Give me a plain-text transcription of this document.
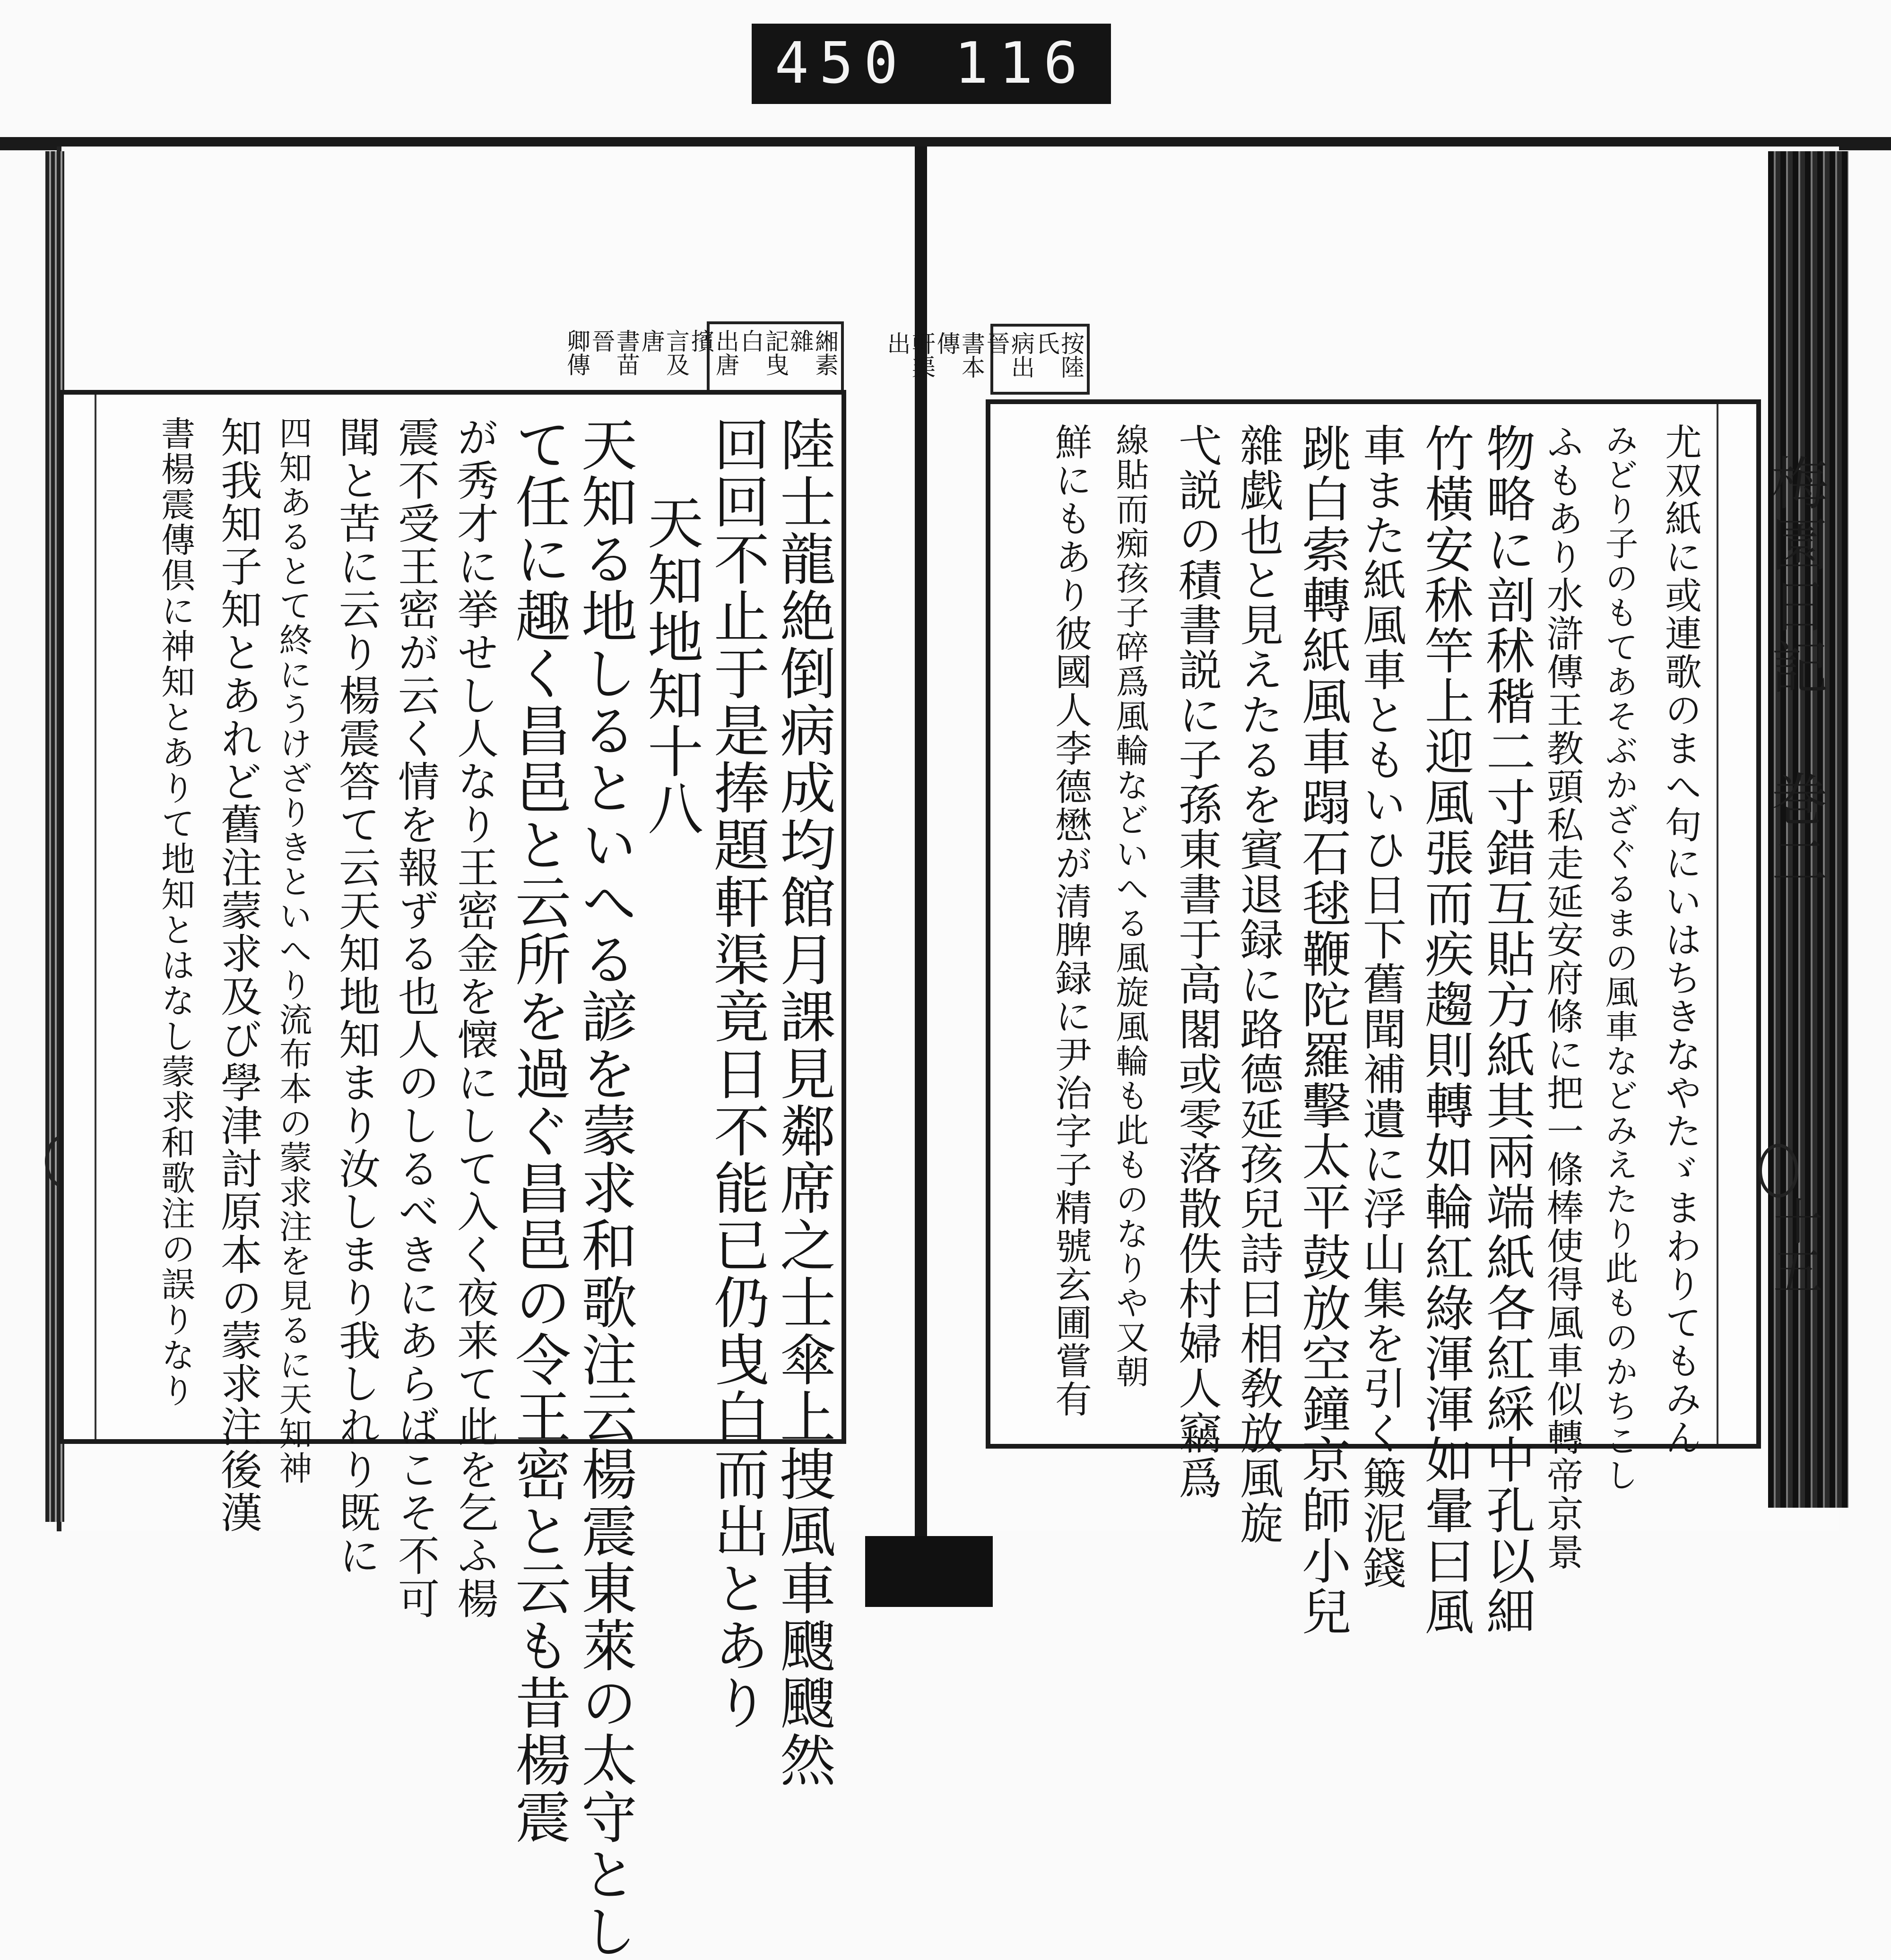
450 116
緗素雜 記曳白 出唐擯 言及唐 書苗晉 卿傳
陸士龍絶倒病成均館月課見鄰席之士傘上捜風車颼颼然
回回不止于是捧題軒渠竟日不能已仍曳白而出とあり
天知地知十八
天知る地しるといへる諺を蒙求和歌注云楊震東萊の太守とし
て任に趣く昌邑と云所を過ぐ昌邑の令王密と云も昔楊震
が秀才に挙せし人なり王密金を懐にして入く夜来て此を乞ふ楊
震不受王密が云く情を報ずる也人のしるべきにあらばこそ不可
聞と苦に云り楊震答て云天知地知まり汝しまり我しれり既に
四知あるとて終にうけざりきといへり流布本の蒙求注を見るに天知神
知我知子知とあれど舊注蒙求及び學津討原本の蒙求注後漢
書楊震傳倶に神知とありて地知とはなし蒙求和歌注の誤りなり
按陸氏 病出晉 書本傳 軒渠出
尤双紙に或連歌のまへ句にいはちきなやたゞまわりてもみん
みどり子のもてあそぶかざぐるまの風車などみえたり此ものかちこし
ふもあり水滸傳王教頭私走延安府條に把一條棒使得風車似轉帝京景
物略に剖秫稭二寸錯互貼方紙其兩端紙各紅綵中孔以細
竹橫安秫竿上迎風張而疾趨則轉如輪紅綠渾渾如暈曰風
車また紙風車ともいひ日下舊聞補遺に浮山集を引く簸泥錢
跳白索轉紙風車蹋石毬鞭陀羅擊太平鼓放空鐘京師小兒
雜戯也と見えたるを賓退録に路德延孩兒詩曰相敎放風旋
弋説の積書説に子孫東書于高閣或零落散佚村婦人竊爲
線貼而痴孩子碎爲風輪などいへる風旋風輪も此ものなりや又朝
鮮にもあり彼國人李德懋が清脾録に尹治字子精號玄圃嘗有	梅園日記 巻二
十五
